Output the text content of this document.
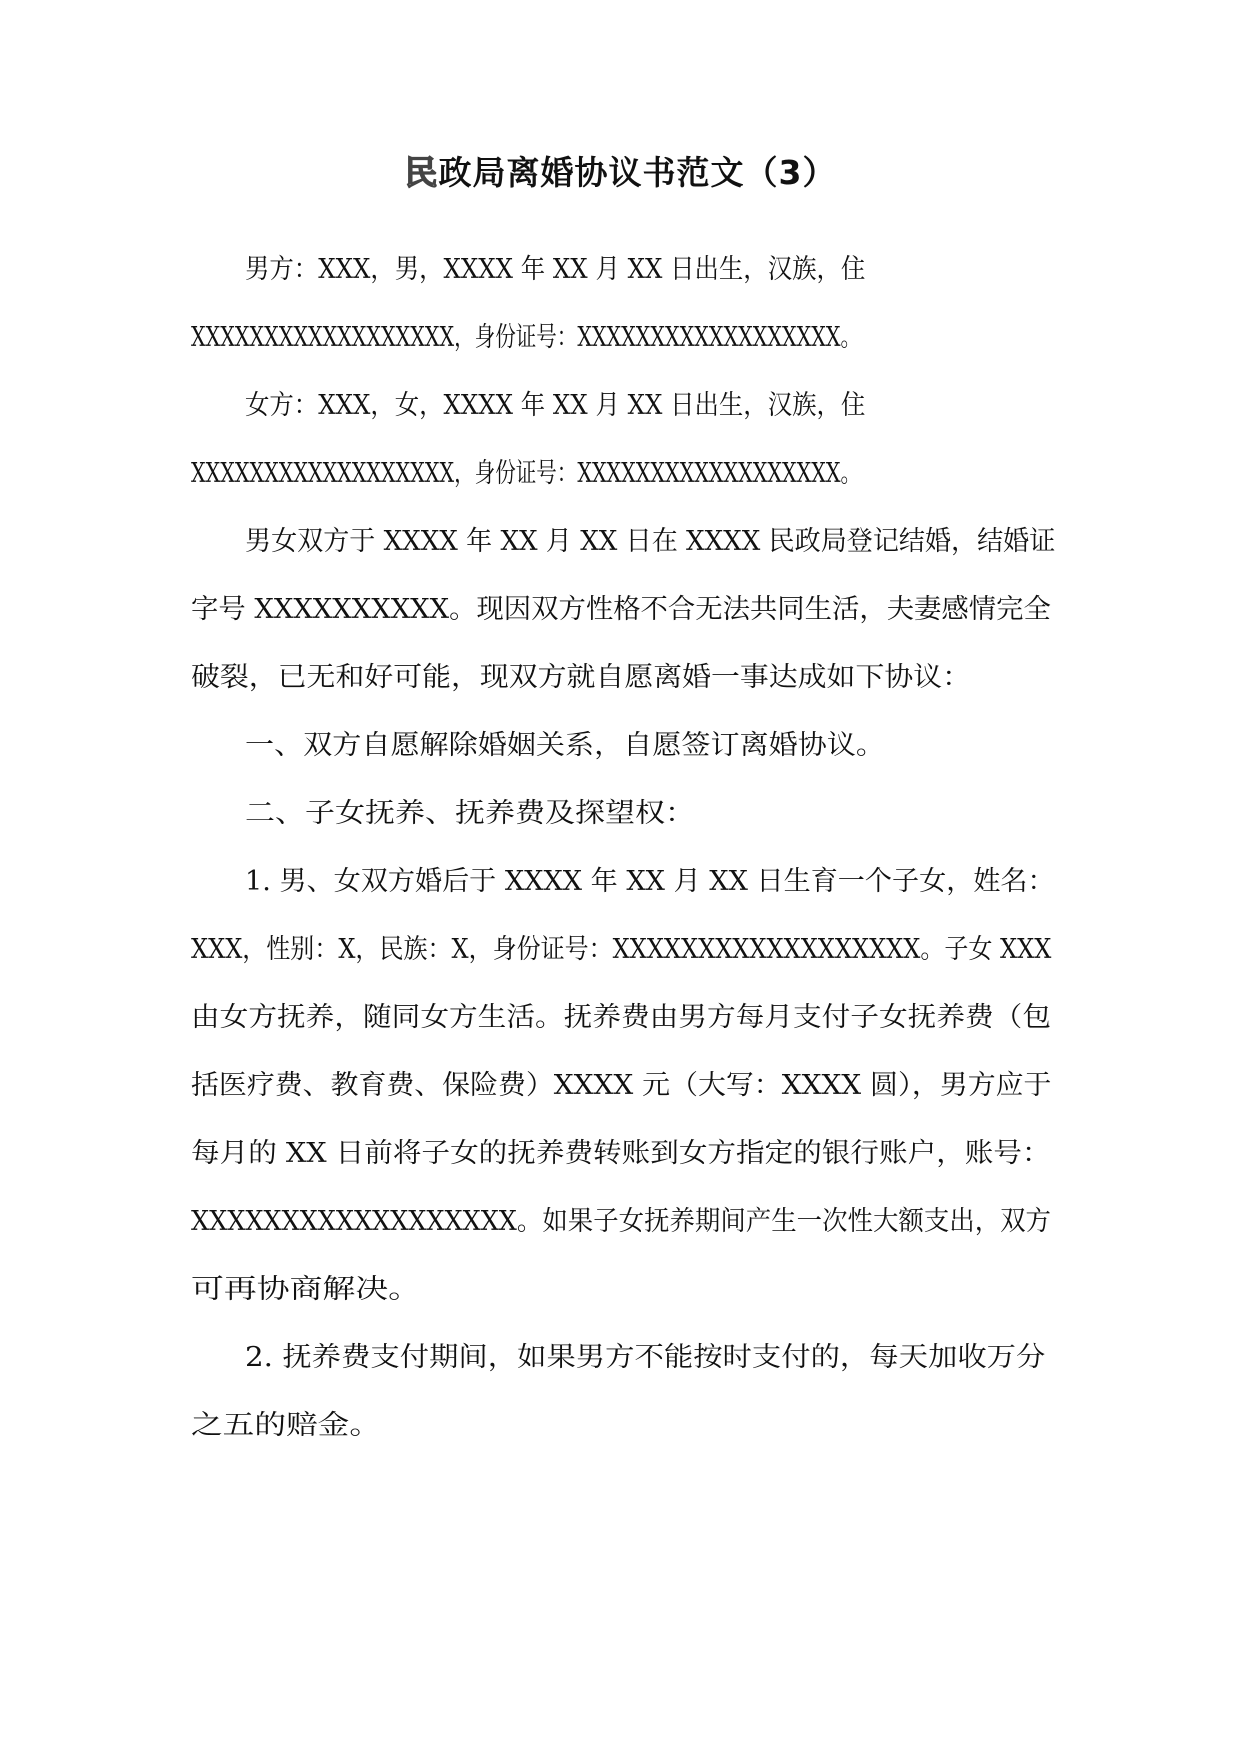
民政局离婚协议书范文（3）
男方：XXX，男，XXXX 年 XX 月 XX 日出生，汉族，住
XXXXXXXXXXXXXXXXXX，身份证号：XXXXXXXXXXXXXXXXXX。
女方：XXX，女，XXXX 年 XX 月 XX 日出生，汉族，住
XXXXXXXXXXXXXXXXXX，身份证号：XXXXXXXXXXXXXXXXXX。
男女双方于 XXXX 年 XX 月 XX 日在 XXXX 民政局登记结婚，结婚证
字号 XXXXXXXXXX。现因双方性格不合无法共同生活，夫妻感情完全
破裂，已无和好可能，现双方就自愿离婚一事达成如下协议：
一、双方自愿解除婚姻关系，自愿签订离婚协议。
二、子女抚养、抚养费及探望权：
1. 男、女双方婚后于 XXXX 年 XX 月 XX 日生育一个子女，姓名：
XXX，性别：X，民族：X，身份证号：XXXXXXXXXXXXXXXXXX。子女 XXX
由女方抚养，随同女方生活。抚养费由男方每月支付子女抚养费（包
括医疗费、教育费、保险费）XXXX 元（大写：XXXX 圆），男方应于
每月的 XX 日前将子女的抚养费转账到女方指定的银行账户，账号：
XXXXXXXXXXXXXXXXXX。如果子女抚养期间产生一次性大额支出，双方
可再协商解决。
2. 抚养费支付期间，如果男方不能按时支付的，每天加收万分
之五的赔金。
